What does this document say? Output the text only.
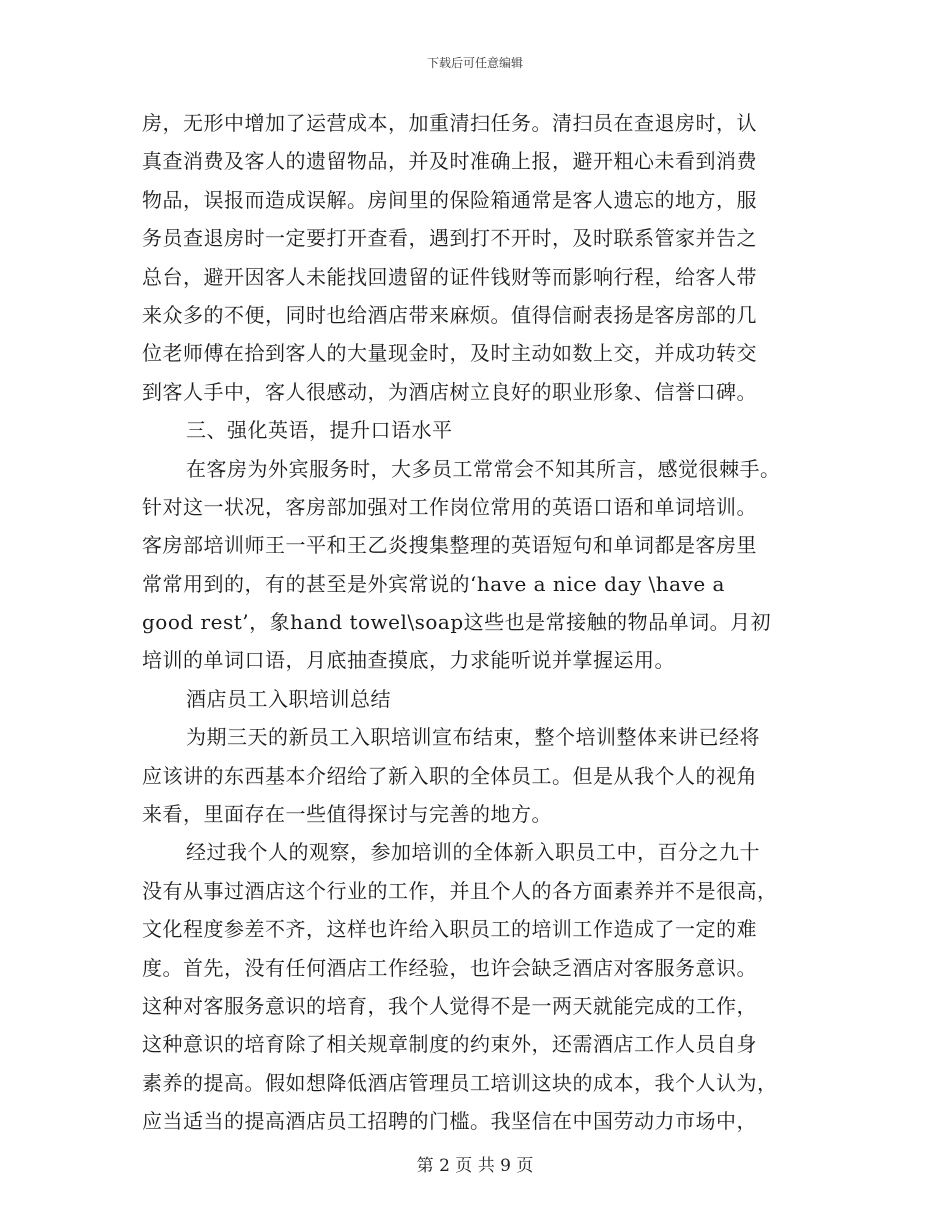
下载后可任意编辑
房，无形中增加了运营成本，加重清扫任务。清扫员在查退房时，认
真查消费及客人的遗留物品，并及时准确上报，避开粗心未看到消费
物品，误报而造成误解。房间里的保险箱通常是客人遗忘的地方，服
务员查退房时一定要打开查看，遇到打不开时，及时联系管家并告之
总台，避开因客人未能找回遗留的证件钱财等而影响行程，给客人带
来众多的不便，同时也给酒店带来麻烦。值得信耐表扬是客房部的几
位老师傅在拾到客人的大量现金时，及时主动如数上交，并成功转交
到客人手中，客人很感动，为酒店树立良好的职业形象、信誉口碑。
三、强化英语，提升口语水平
在客房为外宾服务时，大多员工常常会不知其所言，感觉很棘手。
针对这一状况，客房部加强对工作岗位常用的英语口语和单词培训。
客房部培训师王一平和王乙炎搜集整理的英语短句和单词都是客房里
常常用到的，有的甚至是外宾常说的‘have a nice day \have a
good rest’，象hand towel\soap这些也是常接触的物品单词。月初
培训的单词口语，月底抽查摸底，力求能听说并掌握运用。
酒店员工入职培训总结
为期三天的新员工入职培训宣布结束，整个培训整体来讲已经将
应该讲的东西基本介绍给了新入职的全体员工。但是从我个人的视角
来看，里面存在一些值得探讨与完善的地方。
经过我个人的观察，参加培训的全体新入职员工中，百分之九十
没有从事过酒店这个行业的工作，并且个人的各方面素养并不是很高，
文化程度参差不齐，这样也许给入职员工的培训工作造成了一定的难
度。首先，没有任何酒店工作经验，也许会缺乏酒店对客服务意识。
这种对客服务意识的培育，我个人觉得不是一两天就能完成的工作，
这种意识的培育除了相关规章制度的约束外，还需酒店工作人员自身
素养的提高。假如想降低酒店管理员工培训这块的成本，我个人认为，
应当适当的提高酒店员工招聘的门槛。我坚信在中国劳动力市场中，
第 2 页 共 9 页
